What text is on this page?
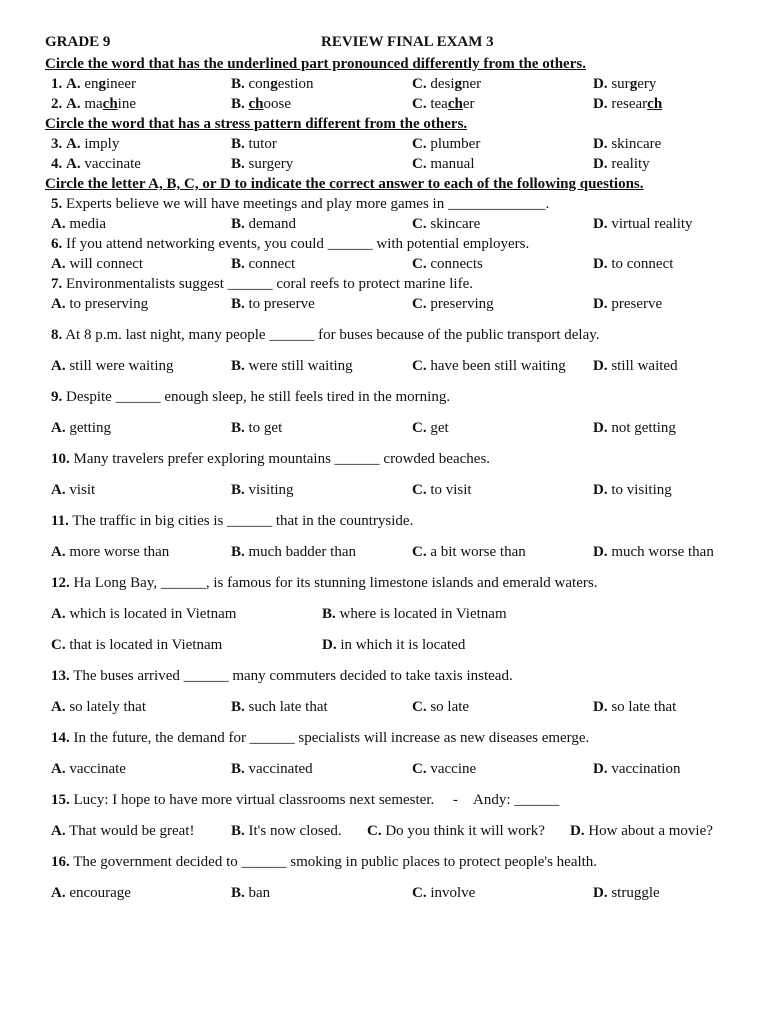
GRADE 9	REVIEW FINAL EXAM 3
Circle the word that has the underlined part pronounced differently from the others.
1. A. engineer	B. congestion	C. designer	D. surgery
2. A. machine	B. choose	C. teacher	D. research
Circle the word that has a stress pattern different from the others.
3. A. imply	B. tutor	C. plumber	D. skincare
4. A. vaccinate	B. surgery	C. manual	D. reality
Circle the letter A, B, C, or D to indicate the correct answer to each of the following questions.
5. Experts believe we will have meetings and play more games in _____________.
A. media	B. demand	C. skincare	D. virtual reality
6. If you attend networking events, you could ______ with potential employers.
A. will connect	B. connect	C. connects	D. to connect
7. Environmentalists suggest ______ coral reefs to protect marine life.
A. to preserving	B. to preserve	C. preserving	D. preserve
8. At 8 p.m. last night, many people ______ for buses because of the public transport delay.
A. still were waiting	B. were still waiting	C. have been still waiting D. still waited
9. Despite ______ enough sleep, he still feels tired in the morning.
A. getting	B. to get	C. get	D. not getting
10. Many travelers prefer exploring mountains ______ crowded beaches.
A. visit	B. visiting	C. to visit	D. to visiting
11. The traffic in big cities is ______ that in the countryside.
A. more worse than	B. much badder than	C. a bit worse than	D. much worse than
12. Ha Long Bay, ______, is famous for its stunning limestone islands and emerald waters.
A. which is located in Vietnam	B. where is located in Vietnam
C. that is located in Vietnam	D. in which it is located
13. The buses arrived ______ many commuters decided to take taxis instead.
A. so lately that	B. such late that	C. so late	D. so late that
14. In the future, the demand for ______ specialists will increase as new diseases emerge.
A. vaccinate	B. vaccinated	C. vaccine	D. vaccination
15. Lucy: I hope to have more virtual classrooms next semester. - Andy: ______
A. That would be great! B. It's now closed. C. Do you think it will work? D. How about a movie?
16. The government decided to ______ smoking in public places to protect people's health.
A. encourage	B. ban	C. involve	D. struggle
